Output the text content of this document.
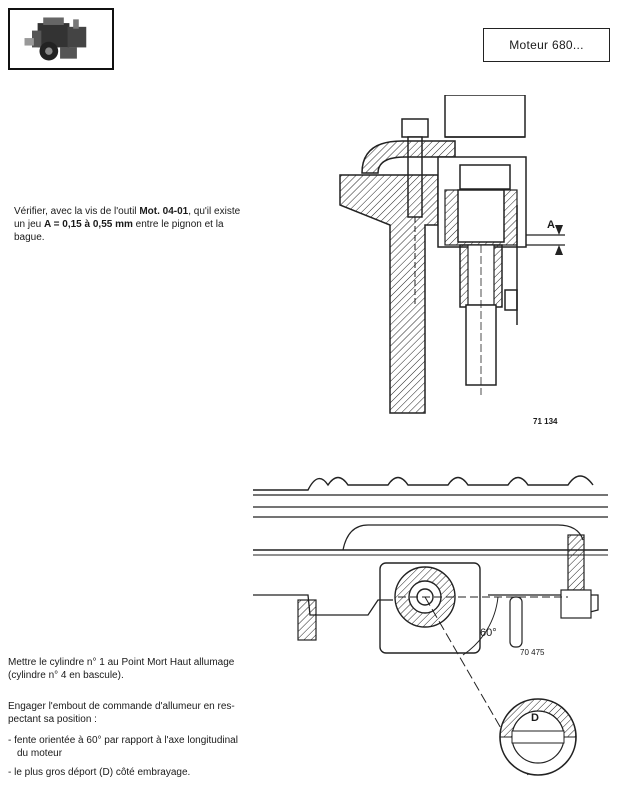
Moteur 680...
Vérifier, avec la vis de l'outil Mot. 04-01, qu'il existe
un jeu A = 0,15 à 0,55 mm entre le pignon et la
bague.
A
71 134
60°
D
70 475
Mettre le cylindre n° 1 au Point Mort Haut allumage
(cylindre n° 4 en bascule).
Engager l'embout de commande d'allumeur en res-
pectant sa position :
- fente orientée à 60° par rapport à l'axe longitudinal
du moteur
- le plus gros déport (D) côté embrayage.
